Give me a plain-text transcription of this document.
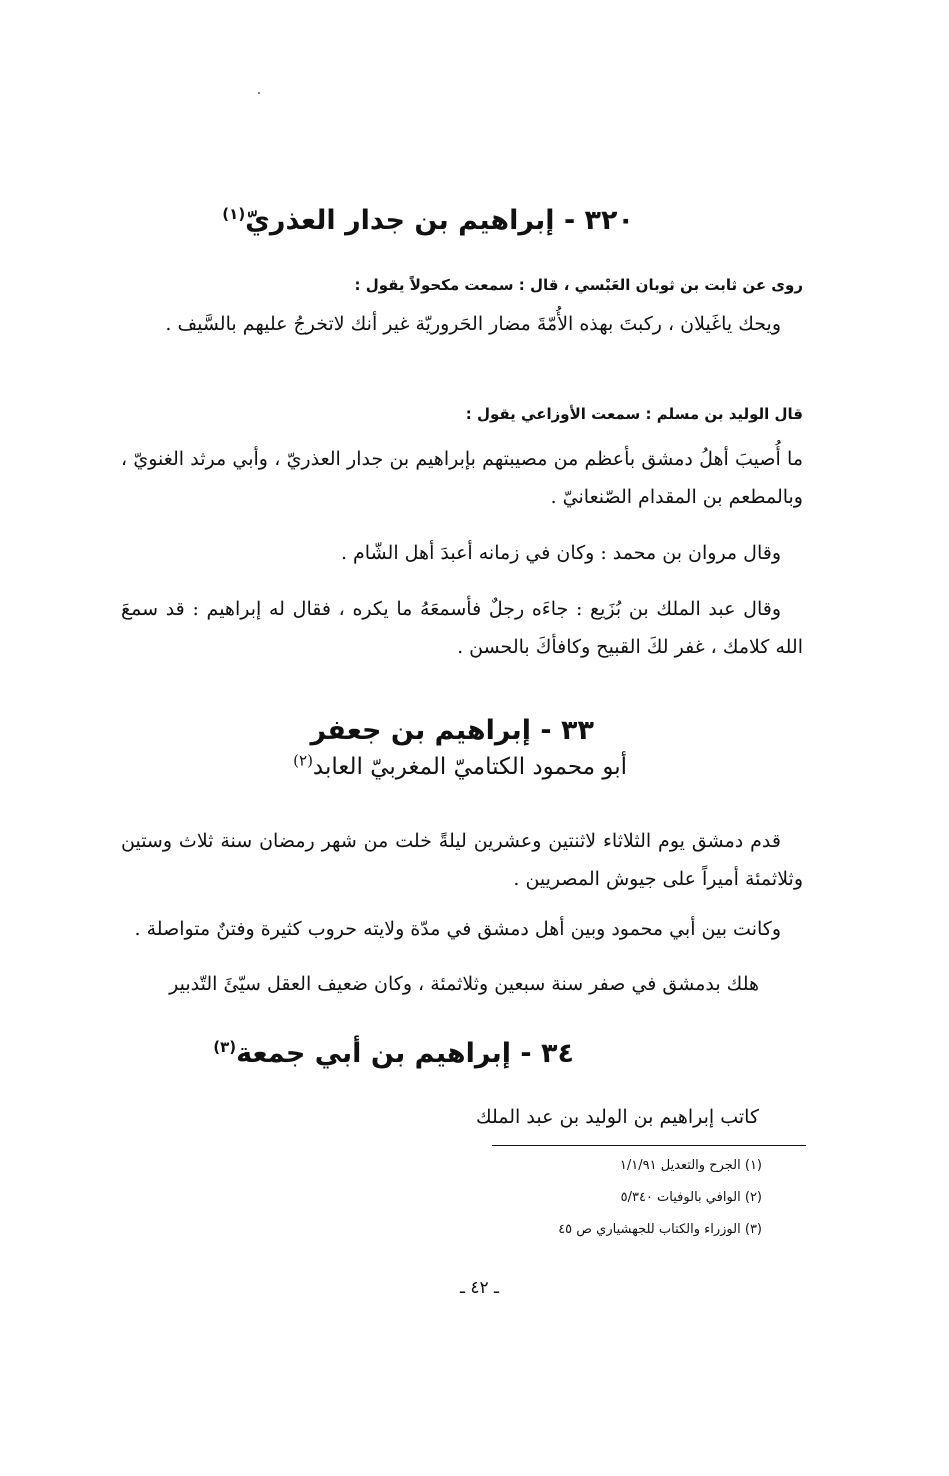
٣٢٠ - إبراهيم بن جدار العذريّ$^{(١)}$
روى عن ثابت بن ثوبان العَبْسي ، قال : سمعت مكحولاً يقول :
ويحك ياغَيلان ، ركبتَ بهذه الأُمّةَ مضار الحَروريّة غير أنك لاتخرجُ عليهم بالسَّيف .
قال الوليد بن مسلم : سمعت الأوزاعي يقول :
ما أُصيبَ أهلُ دمشق بأعظم من مصيبتهم بإبراهيم بن جدار العذريّ ، وأبي مرثد الغنويّ ، وبالمطعم بن المقدام الصّنعانيّ .
وقال مروان بن محمد : وكان في زمانه أعبدَ أهل الشّام .
وقال عبد الملك بن بُزَيع : جاءَه رجلٌ فأسمعَهُ ما يكره ، فقال له إبراهيم : قد سمعَ الله كلامك ، غفر لكَ القبيح وكافأكَ بالحسن .
٣٣ - إبراهيم بن جعفر
أبو محمود الكتاميّ المغربيّ العابد$^{(٢)}$
قدم دمشق يوم الثلاثاء لاثنتين وعشرين ليلةً خلت من شهر رمضان سنة ثلاث وستين وثلاثمئة أميراً على جيوش المصريين .
وكانت بين أبي محمود وبين أهل دمشق في مدّة ولايته حروب كثيرة وفتنٌ متواصلة .
هلك بدمشق في صفر سنة سبعين وثلاثمئة ، وكان ضعيف العقل سيّئَ التّدبير
٣٤ - إبراهيم بن أبي جمعة$^{(٣)}$
كاتب إبراهيم بن الوليد بن عبد الملك
(١) الجرح والتعديل ١/١/٩١
(٢) الوافي بالوفيات ٥/٣٤٠
(٣) الوزراء والكتاب للجهشياري ص ٤٥
ـ ٤٢ ـ
